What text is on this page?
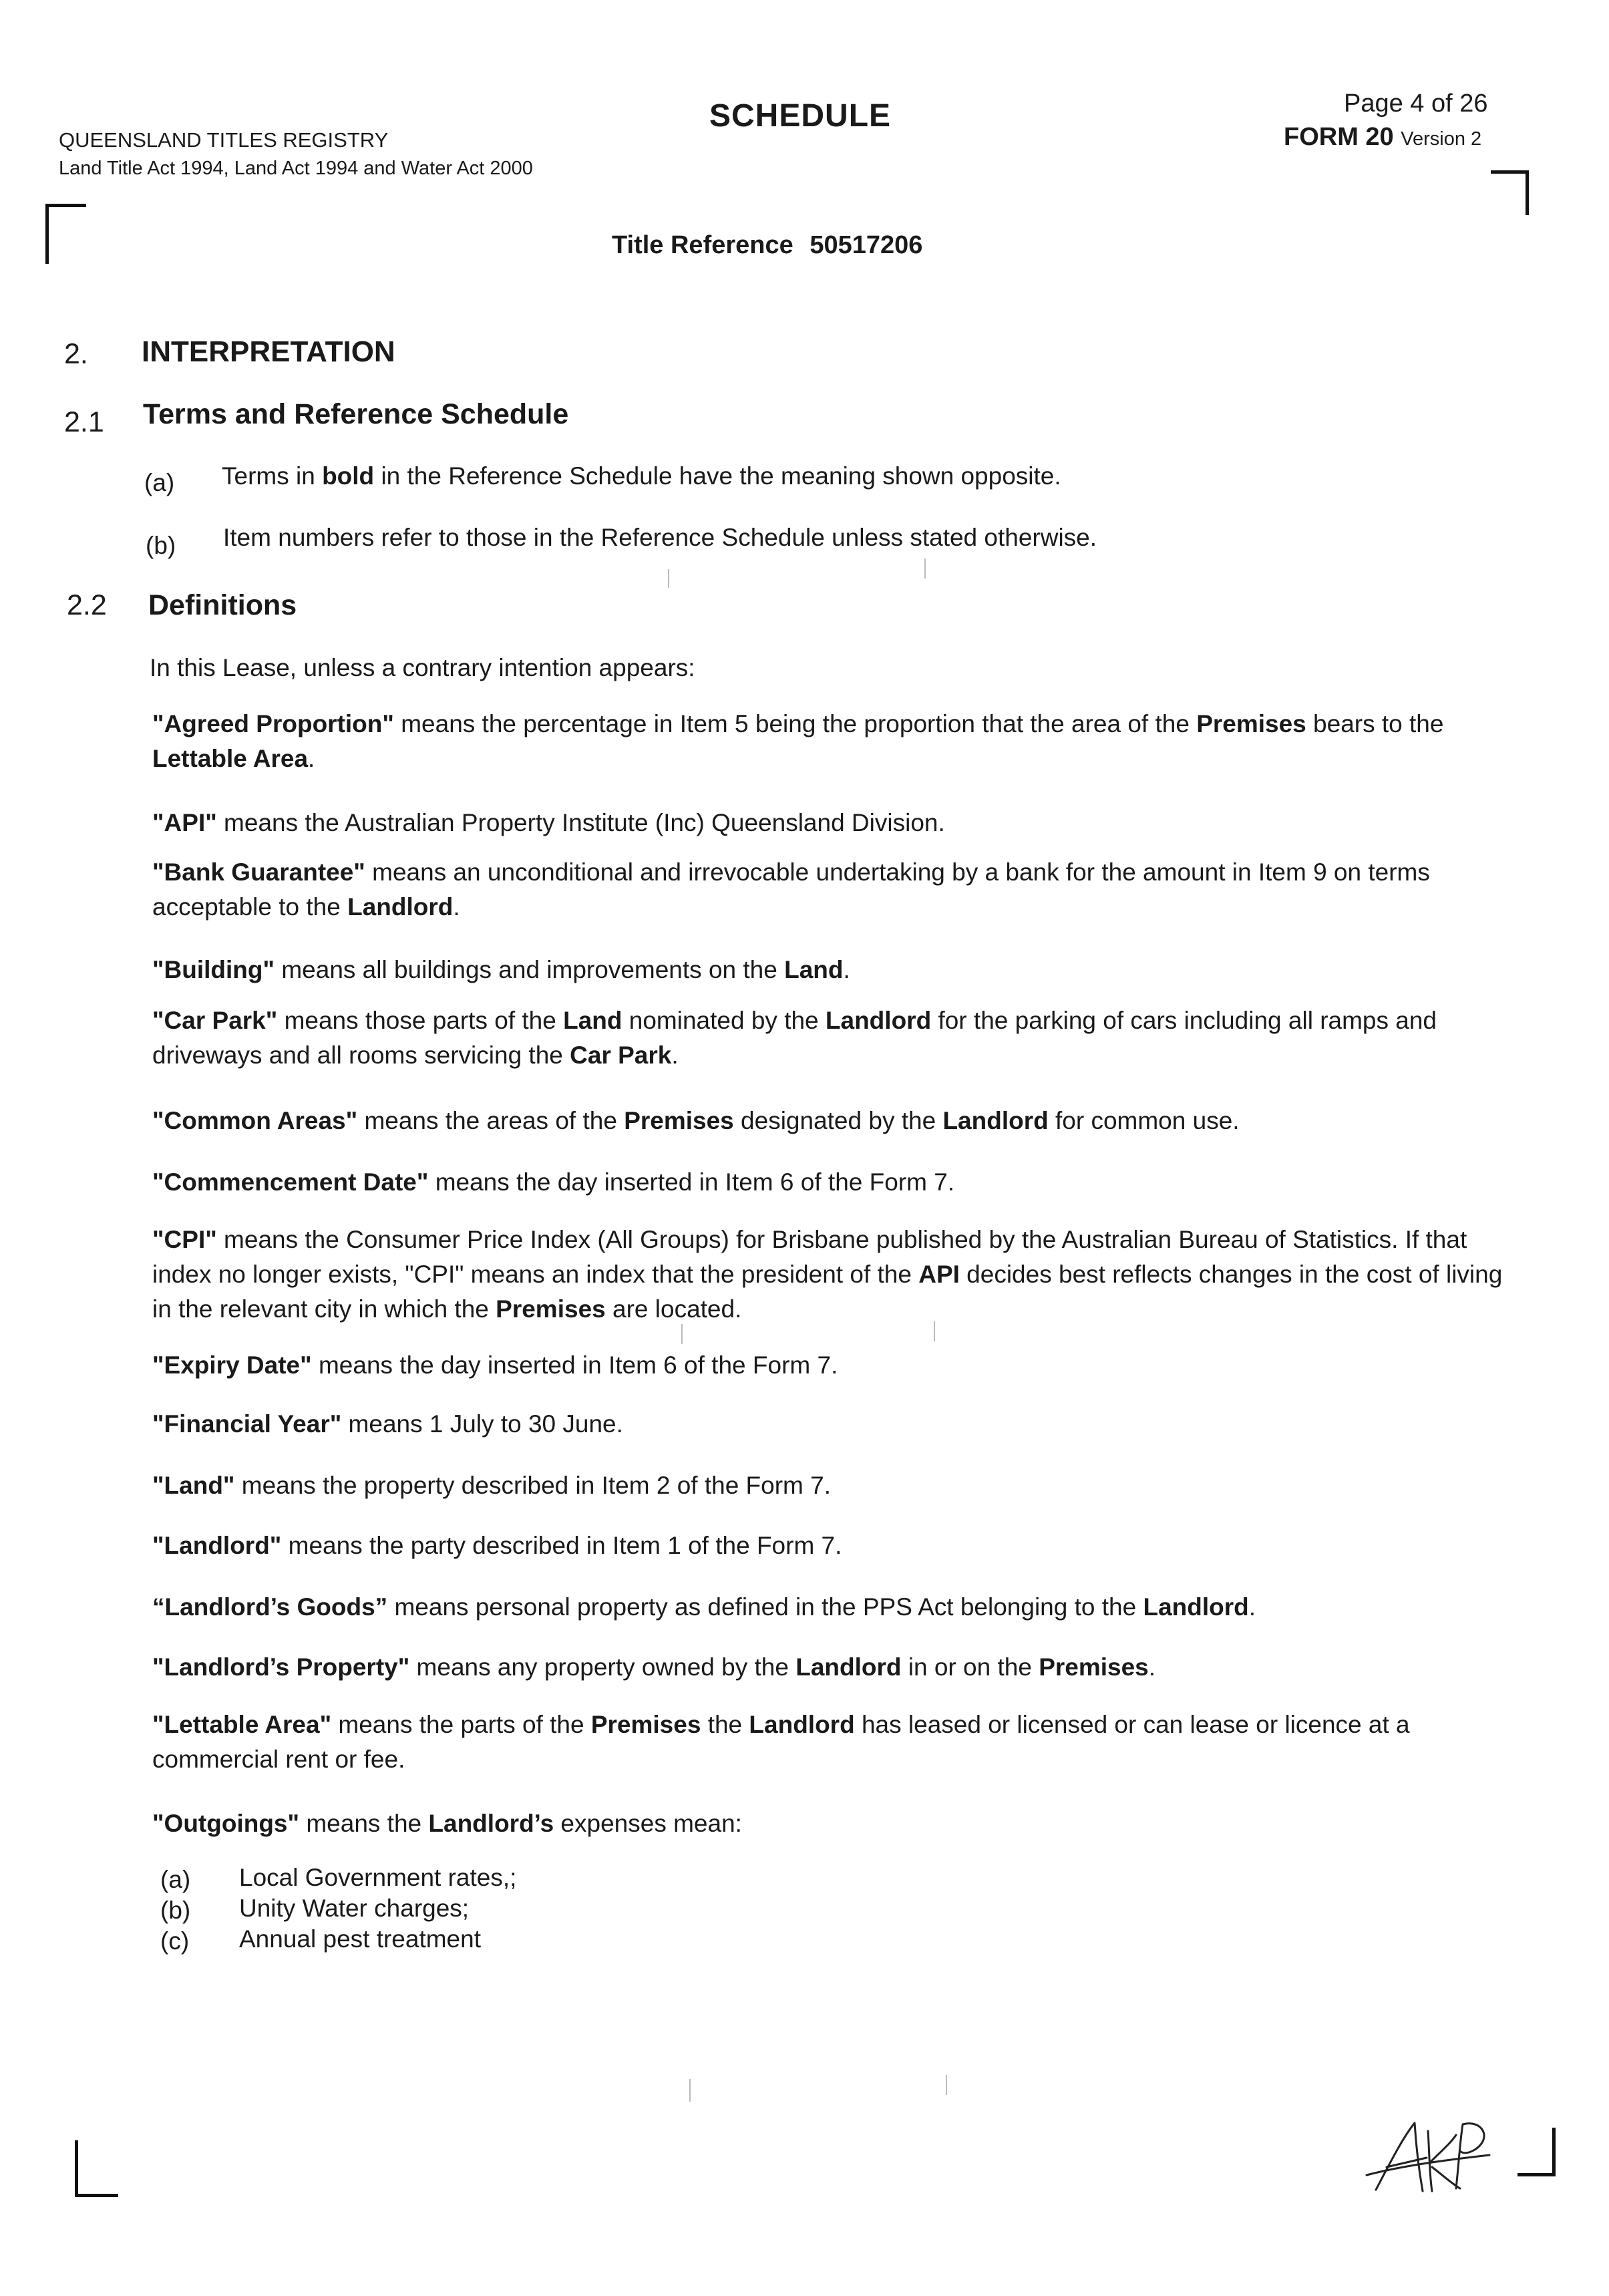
QUEENSLAND TITLES REGISTRY
Land Title Act 1994, Land Act 1994 and Water Act 2000
SCHEDULE	Page 4 of 26
FORM 20 Version 2
Title Reference 50517206
2. INTERPRETATION
2.1 Terms and Reference Schedule
(a) Terms in bold in the Reference Schedule have the meaning shown opposite.
(b) Item numbers refer to those in the Reference Schedule unless stated otherwise.
2.2 Definitions
In this Lease, unless a contrary intention appears:
"Agreed Proportion" means the percentage in Item 5 being the proportion that the area of the Premises bears to the Lettable Area.
"API" means the Australian Property Institute (Inc) Queensland Division.
"Bank Guarantee" means an unconditional and irrevocable undertaking by a bank for the amount in Item 9 on terms acceptable to the Landlord.
"Building" means all buildings and improvements on the Land.
"Car Park" means those parts of the Land nominated by the Landlord for the parking of cars including all ramps and driveways and all rooms servicing the Car Park.
"Common Areas" means the areas of the Premises designated by the Landlord for common use.
"Commencement Date" means the day inserted in Item 6 of the Form 7.
"CPI" means the Consumer Price Index (All Groups) for Brisbane published by the Australian Bureau of Statistics. If that index no longer exists, "CPI" means an index that the president of the API decides best reflects changes in the cost of living in the relevant city in which the Premises are located.
"Expiry Date" means the day inserted in Item 6 of the Form 7.
"Financial Year" means 1 July to 30 June.
"Land" means the property described in Item 2 of the Form 7.
"Landlord" means the party described in Item 1 of the Form 7.
“Landlord’s Goods” means personal property as defined in the PPS Act belonging to the Landlord.
"Landlord’s Property" means any property owned by the Landlord in or on the Premises.
"Lettable Area" means the parts of the Premises the Landlord has leased or licensed or can lease or licence at a commercial rent or fee.
"Outgoings" means the Landlord’s expenses mean:
(a) Local Government rates,;
(b) Unity Water charges;
(c) Annual pest treatment
